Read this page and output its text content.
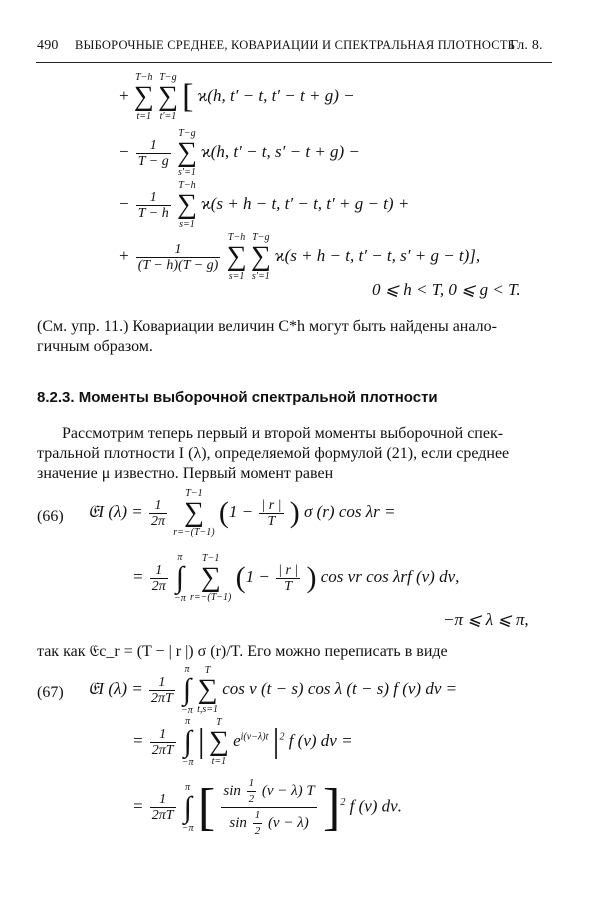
490 ВЫБОРОЧНЫЕ СРЕДНЕЕ, КОВАРИАЦИИ И СПЕКТРАЛЬНАЯ ПЛОТНОСТЬ
Гл. 8.
+
T−h
∑
t=1

T−g
∑
t′=1
[ ϰ(h, t′ − t, t′ − t + g) −
− $\frac{1}{T - g}$

T−g
∑
s′=1
ϰ(h, t′ − t, s′ − t + g) −
− $\frac{1}{T - h}$

T−h
∑
s=1
ϰ(s + h − t, t′ − t, t′ + g − t) +
+ $\frac{1}{(T - h)(T - g)}$

T−h
∑
s=1

T−g
∑
s′=1
ϰ(s + h − t, t′ − t, s′ + g − t)],
0 ⩽ h < T, 0 ⩽ g < T.
(См. упр. 11.) Ковариации величин C*h могут быть найдены анало-
гичным образом.
8.2.3. Моменты выборочной спектральной плотности
Рассмотрим теперь первый и второй моменты выборочной спек-
тральной плотности I (λ), определяемой формулой (21), если среднее
значение μ известно. Первый момент равен
(66) 𝔈I $(\lambda) = \frac{1}{2\pi}$

T−1
∑
r=−(T−1)
($1 - \frac{| r |}{T}$ ) σ (r) cos λr =
= $\frac{1}{2\pi}$

π
∫
−π

T−1
∑
r=−(T−1)
($1 - \frac{| r |}{T}$ ) cos νr cos λrf (ν) dν,
−π ⩽ λ ⩽ π,
так как 𝔈c_r = (T − | r |) σ (r)/T. Его можно переписать в виде
(67) 𝔈I $(\lambda) = \frac{1}{2\pi T}$

π
∫
−π

T
∑
t,s=1
cos ν (t − s) cos λ (t − s) f (ν) dν =
= $\frac{1}{2\pi T}$

π
∫
−π
|
T
∑
t=1
$e^{i(\nu-\lambda)t}$ $|^2$ f (ν) dν =
= $\frac{1}{2\pi T}$

π
∫
−π [ $\frac{\sin \frac{1}{2} (\nu - \lambda) T}{\sin \frac{1}{2} (\nu - \lambda)} ]^2$ f (ν) dν.
